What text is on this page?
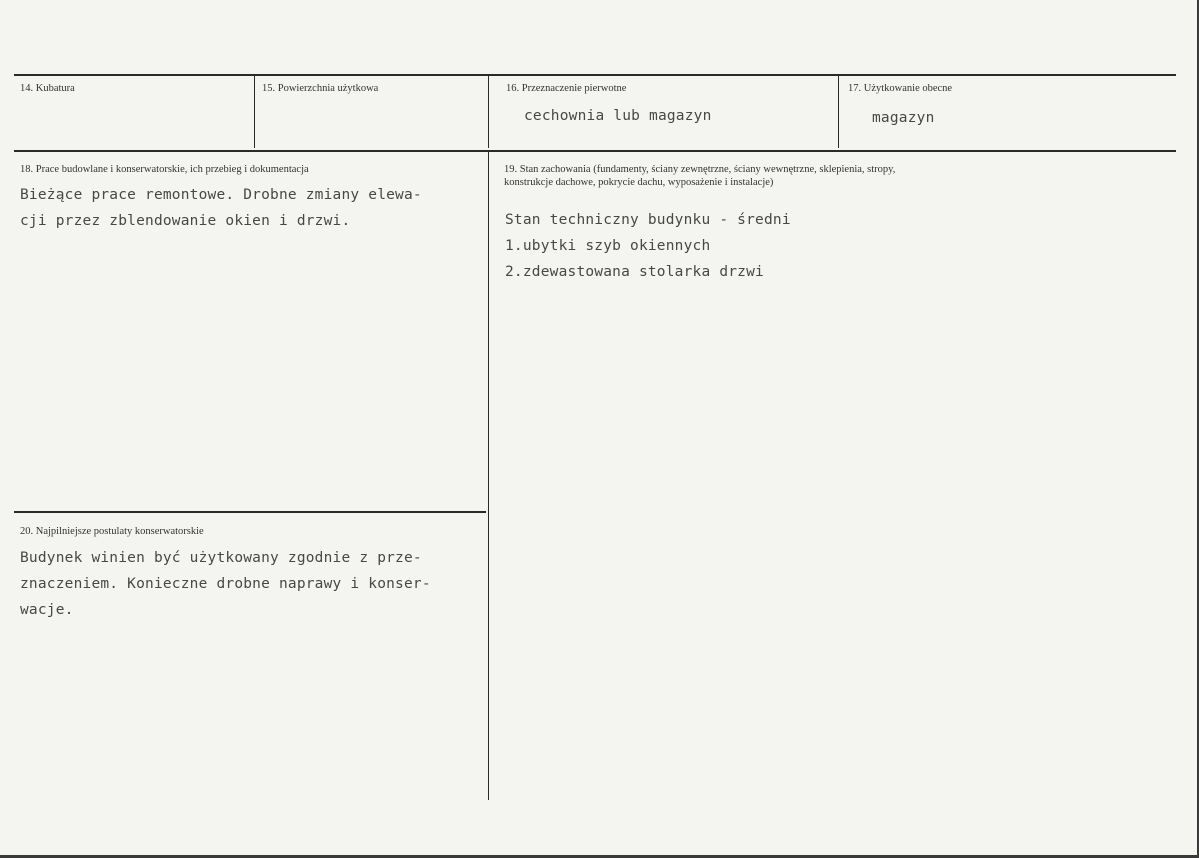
14. Kubatura	15. Powierzchnia użytkowa	16. Przeznaczenie pierwotne
cechownia lub magazyn
17. Użytkowanie obecne
magazyn
18. Prace budowlane i konserwatorskie, ich przebieg i dokumentacja
Bieżące prace remontowe. Drobne zmiany elewa-
cji przez zblendowanie okien i drzwi.
19. Stan zachowania (fundamenty, ściany zewnętrzne, ściany wewnętrzne, sklepienia, stropy,
konstrukcje dachowe, pokrycie dachu, wyposażenie i instalacje)
Stan techniczny budynku - średni
1.ubytki szyb okiennych
2.zdewastowana stolarka drzwi
20. Najpilniejsze postulaty konserwatorskie
Budynek winien być użytkowany zgodnie z prze-
znaczeniem. Konieczne drobne naprawy i konser-
wacje.
